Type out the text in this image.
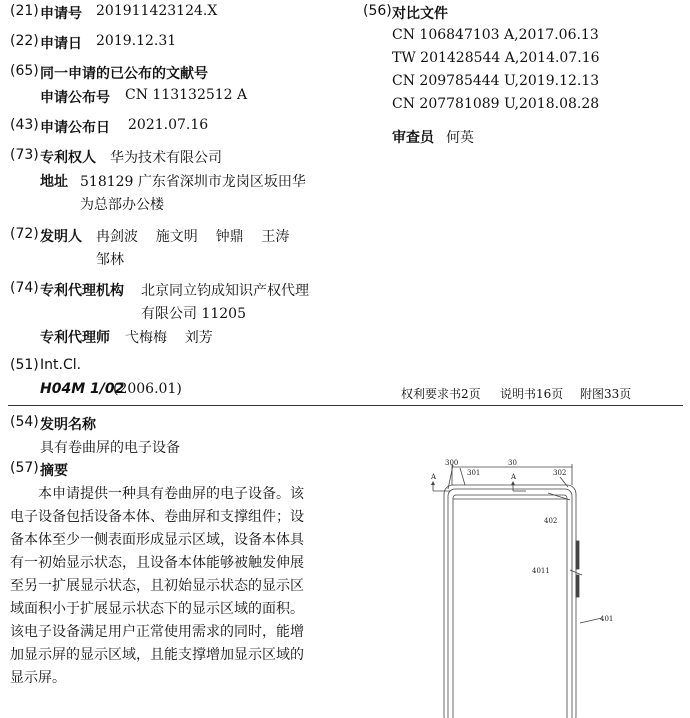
(21) 申请号 201911423124.X
(22) 申请日 2019.12.31
(65) 同一申请的已公布的文献号
申请公布号 CN 113132512 A
(43) 申请公布日 2021.07.16
(73) 专利权人 华为技术有限公司
地址 518129 广东省深圳市龙岗区坂田华
为总部办公楼
(72) 发明人 冉剑波    施文明    钟鼎    王涛
邹林
(74) 专利代理机构 北京同立钧成知识产权代理
有限公司 11205
专利代理师 弋梅梅    刘芳
(51) Int.Cl.
H04M 1/02
(2006.01)
(56) 对比文件
CN 106847103 A,2017.06.13
TW 201428544 A,2014.07.16
CN 209785444 U,2019.12.13
CN 207781089 U,2018.08.28
审查员 何英
权利要求书2页 说明书16页 附图33页
(54) 发明名称
具有卷曲屏的电子设备
(57) 摘要
本申请提供一种具有卷曲屏的电子设备。该
电子设备包括设备本体、卷曲屏和支撑组件；设
备本体至少一侧表面形成显示区域，设备本体具
有一初始显示状态，且设备本体能够被触发伸展
至另一扩展显示状态，且初始显示状态的显示区
域面积小于扩展显示状态下的显示区域的面积。
该电子设备满足用户正常使用需求的同时，能增
加显示屏的显示区域，且能支撑增加显示区域的
显示屏。
300
301
30
302
A	A
402
4011
401
